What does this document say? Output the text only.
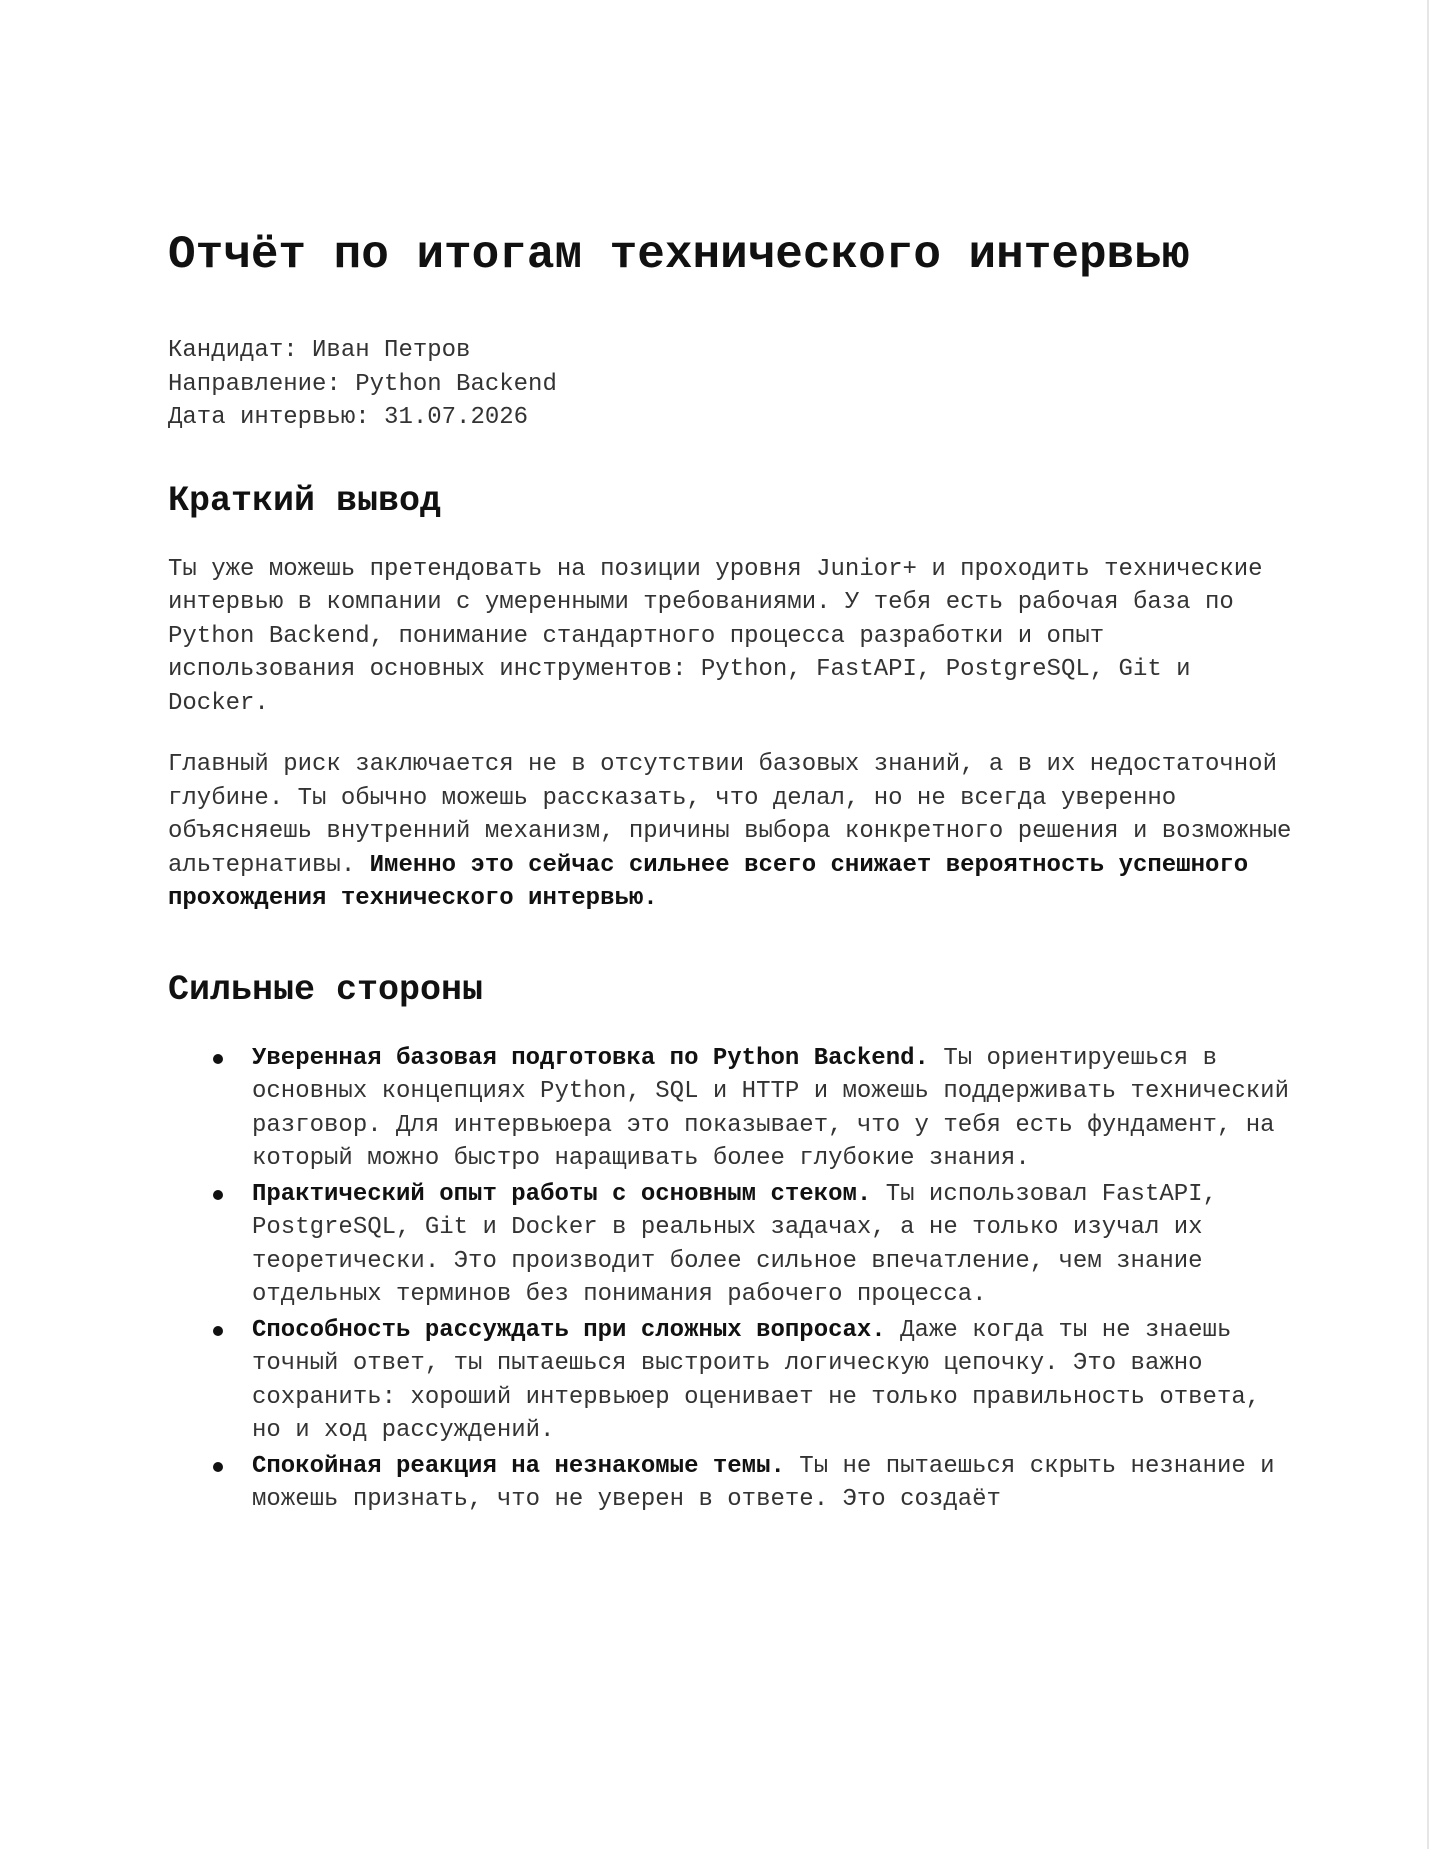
Отчёт по итогам технического интервью
Кандидат: Иван Петров
Направление: Python Backend
Дата интервью: 31.07.2026
Краткий вывод

Ты уже можешь претендовать на позиции уровня Junior+ и проходить технические интервью в компании с умеренными требованиями. У тебя есть рабочая база по Python Backend, понимание стандартного процесса разработки и опыт использования основных инструментов: Python, FastAPI, PostgreSQL, Git и Docker.

Главный риск заключается не в отсутствии базовых знаний, а в их недостаточной глубине. Ты обычно можешь рассказать, что делал, но не всегда уверенно объясняешь внутренний механизм, причины выбора конкретного решения и возможные альтернативы. Именно это сейчас сильнее всего снижает вероятность успешного прохождения технического интервью.

Сильные стороны
Уверенная базовая подготовка по Python Backend. Ты ориентируешься в основных концепциях Python, SQL и HTTP и можешь поддерживать технический разговор. Для интервьюера это показывает, что у тебя есть фундамент, на который можно быстро наращивать более глубокие знания.
Практический опыт работы с основным стеком. Ты использовал FastAPI, PostgreSQL, Git и Docker в реальных задачах, а не только изучал их теоретически. Это производит более сильное впечатление, чем знание отдельных терминов без понимания рабочего процесса.
Способность рассуждать при сложных вопросах. Даже когда ты не знаешь точный ответ, ты пытаешься выстроить логическую цепочку. Это важно сохранить: хороший интервьюер оценивает не только правильность ответа, но и ход рассуждений.
Спокойная реакция на незнакомые темы. Ты не пытаешься скрыть незнание и можешь признать, что не уверен в ответе. Это создаёт
